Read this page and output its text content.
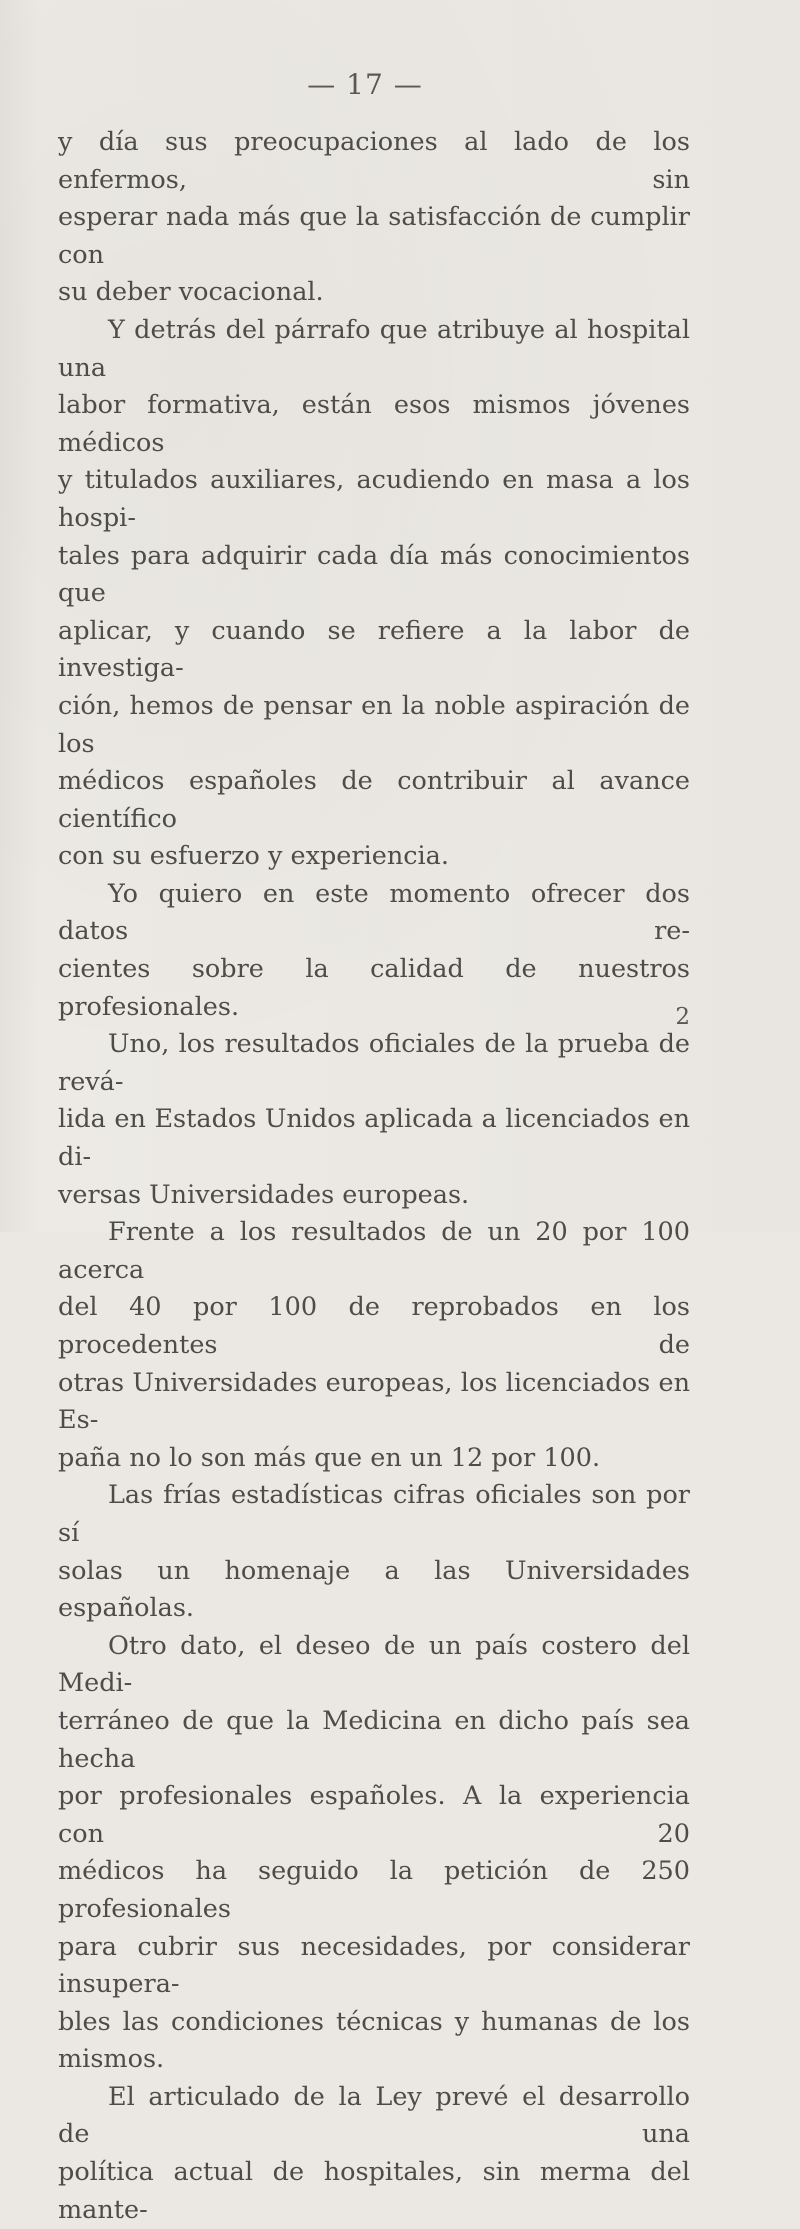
— 17 —

y día sus preocupaciones al lado de los enfermos, sin

esperar nada más que la satisfacción de cumplir con

su deber vocacional.

Y detrás del párrafo que atribuye al hospital una

labor formativa, están esos mismos jóvenes médicos

y titulados auxiliares, acudiendo en masa a los hospi-

tales para adquirir cada día más conocimientos que

aplicar, y cuando se refiere a la labor de investiga-

ción, hemos de pensar en la noble aspiración de los

médicos españoles de contribuir al avance científico

con su esfuerzo y experiencia.

Yo quiero en este momento ofrecer dos datos re-

cientes sobre la calidad de nuestros profesionales.

Uno, los resultados oficiales de la prueba de revá-

lida en Estados Unidos aplicada a licenciados en di-

versas Universidades europeas.

Frente a los resultados de un 20 por 100 acerca

del 40 por 100 de reprobados en los procedentes de

otras Universidades europeas, los licenciados en Es-

paña no lo son más que en un 12 por 100.

Las frías estadísticas cifras oficiales son por sí

solas un homenaje a las Universidades españolas.

Otro dato, el deseo de un país costero del Medi-

terráneo de que la Medicina en dicho país sea hecha

por profesionales españoles. A la experiencia con 20

médicos ha seguido la petición de 250 profesionales

para cubrir sus necesidades, por considerar insupera-

bles las condiciones técnicas y humanas de los mismos.

El articulado de la Ley prevé el desarrollo de una

política actual de hospitales, sin merma del mante-

2
